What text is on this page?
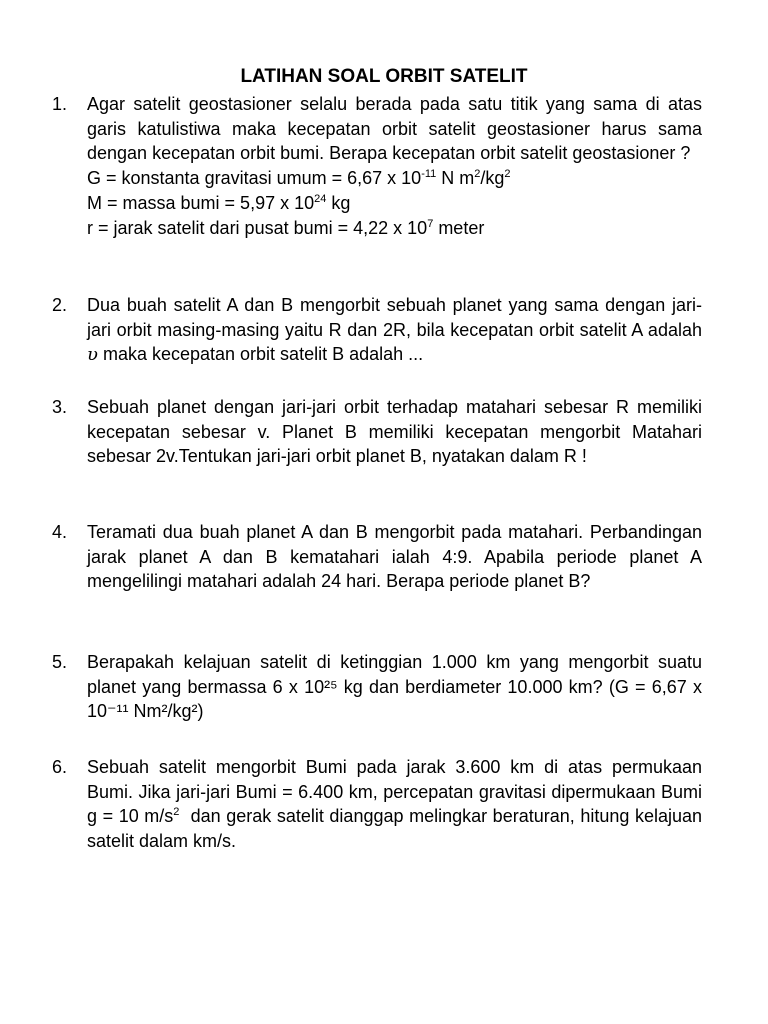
LATIHAN SOAL ORBIT SATELIT
1. Agar satelit geostasioner selalu berada pada satu titik yang sama di atas garis katulistiwa maka kecepatan orbit satelit geostasioner harus sama dengan kecepatan orbit bumi. Berapa kecepatan orbit satelit geostasioner ?

G = konstanta gravitasi umum = 6,67 x $10^{-11}$ N $m^2/kg^2$

M = massa bumi = 5,97 x $10^{24}$ kg

r = jarak satelit dari pusat bumi = 4,22 x $10^7$ meter

2. Dua buah satelit A dan B mengorbit sebuah planet yang sama dengan jari-jari orbit masing-masing yaitu R dan 2R, bila kecepatan orbit satelit A adalah υ maka kecepatan orbit satelit B adalah ...

3. Sebuah planet dengan jari-jari orbit terhadap matahari sebesar R memiliki kecepatan sebesar v. Planet B memiliki kecepatan mengorbit Matahari sebesar 2v.Tentukan jari-jari orbit planet B, nyatakan dalam R !

4. Teramati dua buah planet A dan B mengorbit pada matahari. Perbandingan jarak planet A dan B kematahari ialah 4:9. Apabila periode planet A mengelilingi matahari adalah 24 hari. Berapa periode planet B?

5. Berapakah kelajuan satelit di ketinggian 1.000 km yang mengorbit suatu planet yang bermassa 6 x 10²⁵ kg dan berdiameter 10.000 km? (G = 6,67 x 10⁻¹¹ Nm²/kg²)

6. Sebuah satelit mengorbit Bumi pada jarak 3.600 km di atas permukaan Bumi. Jika jari-jari Bumi = 6.400 km, percepatan gravitasi dipermukaan Bumi g = 10 $m/s^2$  dan gerak satelit dianggap melingkar beraturan, hitung kelajuan satelit dalam km/s.
